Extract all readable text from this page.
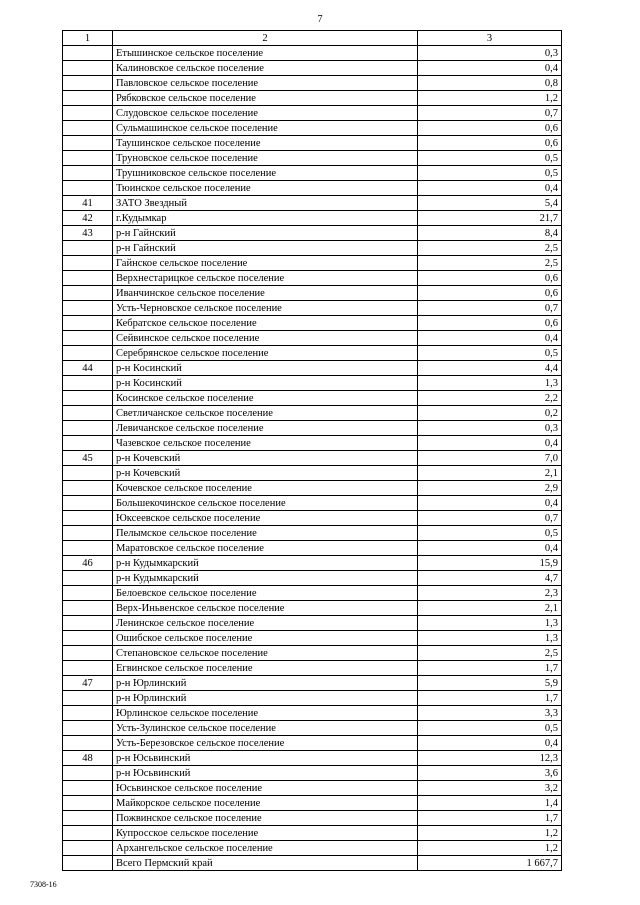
7
1	2	3
	Етышинское сельское поселение	0,3
	Калиновское сельское поселение	0,4
	Павловское сельское поселение	0,8
	Рябковское сельское поселение	1,2
	Слудовское сельское поселение	0,7
	Сульмашинское сельское поселение	0,6
	Таушинское сельское поселение	0,6
	Труновское сельское поселение	0,5
	Трушниковское сельское поселение	0,5
	Тюинское сельское поселение	0,4
41	ЗАТО Звездный	5,4
42	г.Кудымкар	21,7
43	р-н Гайнский	8,4
	р-н Гайнский	2,5
	Гайнское сельское поселение	2,5
	Верхнестарицкое сельское поселение	0,6
	Иванчинское сельское поселение	0,6
	Усть-Черновское сельское поселение	0,7
	Кебратское сельское поселение	0,6
	Сейвинское сельское поселение	0,4
	Серебрянское сельское поселение	0,5
44	р-н Косинский	4,4
	р-н Косинский	1,3
	Косинское сельское поселение	2,2
	Светличанское сельское поселение	0,2
	Левичанское сельское поселение	0,3
	Чазевское сельское поселение	0,4
45	р-н Кочевский	7,0
	р-н Кочевский	2,1
	Кочевское сельское поселение	2,9
	Большекочинское сельское поселение	0,4
	Юксеевское сельское поселение	0,7
	Пелымское сельское поселение	0,5
	Маратовское сельское поселение	0,4
46	р-н Кудымкарский	15,9
	р-н Кудымкарский	4,7
	Белоевское сельское поселение	2,3
	Верх-Иньвенское сельское поселение	2,1
	Ленинское сельское поселение	1,3
	Ошибское сельское поселение	1,3
	Степановское сельское поселение	2,5
	Егвинское сельское поселение	1,7
47	р-н Юрлинский	5,9
	р-н Юрлинский	1,7
	Юрлинское сельское поселение	3,3
	Усть-Зулинское сельское поселение	0,5
	Усть-Березовское сельское поселение	0,4
48	р-н Юсьвинский	12,3
	р-н Юсьвинский	3,6
	Юсьвинское сельское поселение	3,2
	Майкорское сельское поселение	1,4
	Пожвинское сельское поселение	1,7
	Купросское сельское поселение	1,2
	Архангельское сельское поселение	1,2
	Всего Пермский край	1 667,7
7308-16
